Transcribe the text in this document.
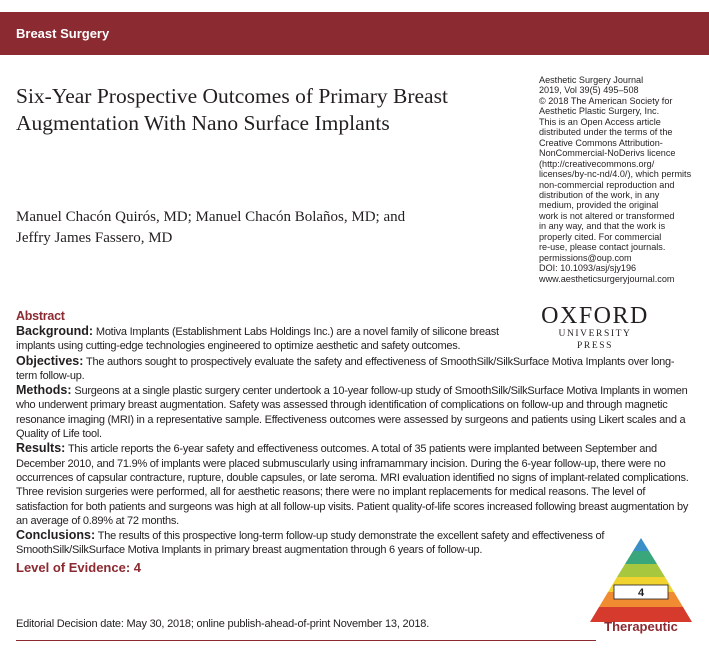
Breast Surgery
Six-Year Prospective Outcomes of Primary Breast Augmentation With Nano Surface Implants
Manuel Chacón Quirós, MD; Manuel Chacón Bolaños, MD; and
Jeffry James Fassero, MD
Aesthetic Surgery Journal
2019, Vol 39(5) 495–508
© 2018 The American Society for
Aesthetic Plastic Surgery, Inc.
This is an Open Access article
distributed under the terms of the
Creative Commons Attribution-
NonCommercial-NoDerivs licence
(http://creativecommons.org/
licenses/by-nc-nd/4.0/), which permits
non-commercial reproduction and
distribution of the work, in any
medium, provided the original
work is not altered or transformed
in any way, and that the work is
properly cited. For commercial
re-use, please contact journals.
permissions@oup.com
DOI: 10.1093/asj/sjy196
www.aestheticsurgeryjournal.com
OXFORD
UNIVERSITY PRESS
Abstract

Background: Motiva Implants (Establishment Labs Holdings Inc.) are a novel family of silicone breast implants using cutting-edge technologies engineered to optimize aesthetic and safety outcomes.

Objectives: The authors sought to prospectively evaluate the safety and effectiveness of SmoothSilk/SilkSurface Motiva Implants over long-term follow-up.

Methods: Surgeons at a single plastic surgery center undertook a 10-year follow-up study of SmoothSilk/SilkSurface Motiva Implants in women who underwent primary breast augmentation. Safety was assessed through identification of complications on follow-up and through magnetic resonance imaging (MRI) in a representative sample. Effectiveness outcomes were assessed by surgeons and patients using Likert scales and a Quality of Life tool.

Results: This article reports the 6-year safety and effectiveness outcomes. A total of 35 patients were implanted between September and December 2010, and 71.9% of implants were placed submuscularly using inframammary incision. During the 6-year follow-up, there were no occurrences of capsular contracture, rupture, double capsules, or late seroma. MRI evaluation identified no signs of implant-related complications. Three revision surgeries were performed, all for aesthetic reasons; there were no implant replacements for medical reasons. The level of satisfaction for both patients and surgeons was high at all follow-up visits. Patient quality-of-life scores increased following breast augmentation by an average of 0.89% at 72 months.

Conclusions: The results of this prospective long-term follow-up study demonstrate the excellent safety and effectiveness of SmoothSilk/SilkSurface Motiva Implants in primary breast augmentation through 6 years of follow-up.

Level of Evidence: 4
Editorial Decision date: May 30, 2018; online publish-ahead-of-print November 13, 2018.
4
Therapeutic
